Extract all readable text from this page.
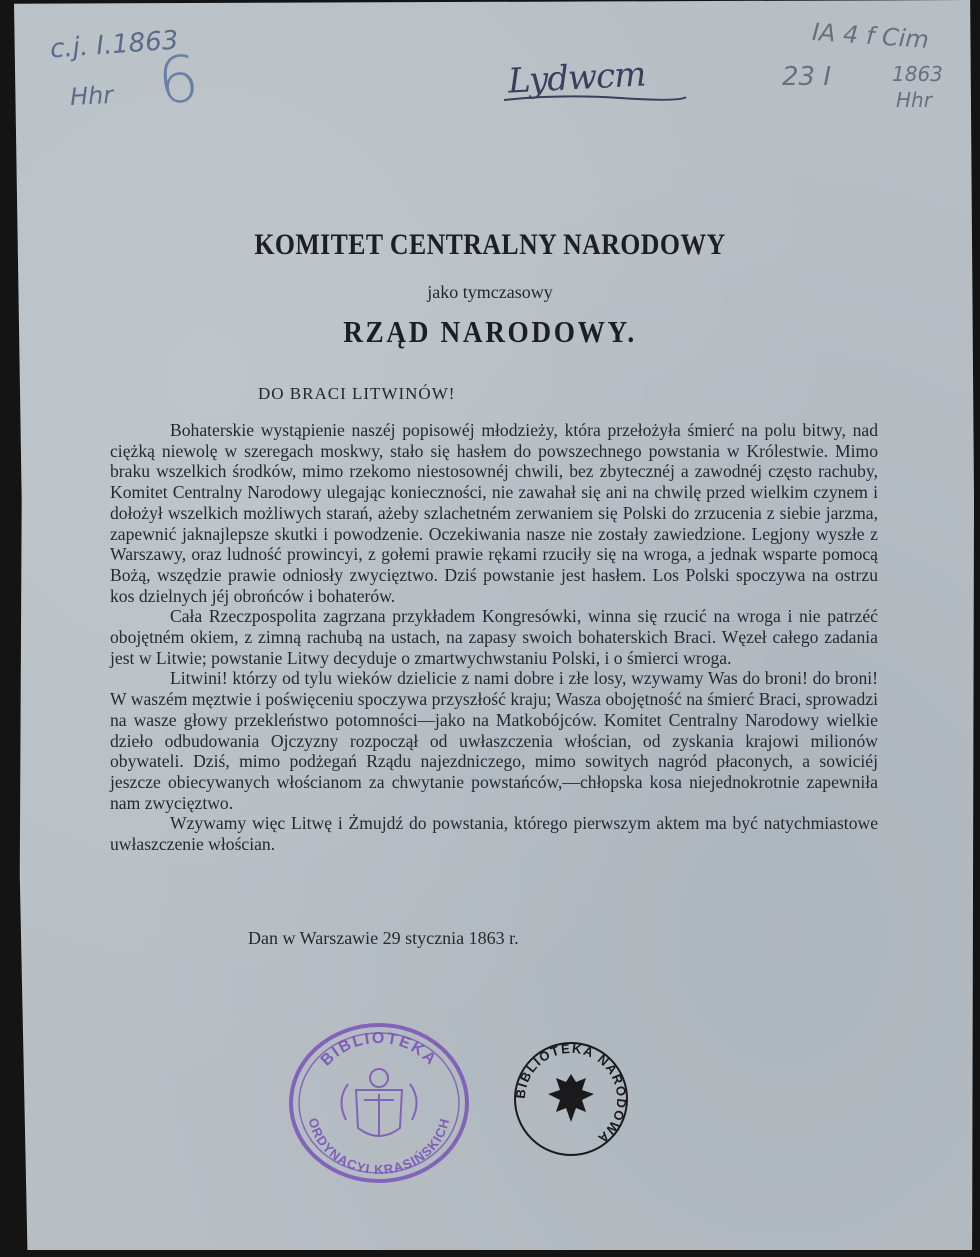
c.j. I.1863
Hhr 6	Lydwcm
IA 4 f Cim
23 I	1863
Hhr
KOMITET CENTRALNY NARODOWY
jako tymczasowy
RZĄD NARODOWY.
DO BRACI LITWINÓW!

Bohaterskie wystąpienie naszéj popisowéj młodzieży, która przełożyła śmierć na polu bitwy, nad ciężką niewolę w szeregach moskwy, stało się hasłem do powszechnego powstania w Królestwie. Mimo braku wszelkich środków, mimo rzekomo niestosownéj chwili, bez zbytecznéj a zawodnéj często rachuby, Komitet Centralny Narodowy ulegając konieczności, nie zawahał się ani na chwilę przed wielkim czynem i dołożył wszelkich możliwych starań, ażeby szlachetném zerwaniem się Polski do zrzucenia z siebie jarzma, zapewnić jaknajlepsze skutki i powodzenie. Oczekiwania nasze nie zostały zawiedzione. Legjony wyszłe z Warszawy, oraz ludność prowincyi, z gołemi prawie rękami rzuciły się na wroga, a jednak wsparte pomocą Bożą, wszędzie prawie odniosły zwycięztwo. Dziś powstanie jest hasłem. Los Polski spoczywa na ostrzu kos dzielnych jéj obrońców i bohaterów.

Cała Rzeczpospolita zagrzana przykładem Kongresówki, winna się rzucić na wroga i nie patrzéć obojętném okiem, z zimną rachubą na ustach, na zapasy swoich bohaterskich Braci. Węzeł całego zadania jest w Litwie; powstanie Litwy decyduje o zmartwychwstaniu Polski, i o śmierci wroga.

Litwini! którzy od tylu wieków dzielicie z nami dobre i złe losy, wzywamy Was do broni! do broni! W waszém męztwie i poświęceniu spoczywa przyszłość kraju; Wasza obojętność na śmierć Braci, sprowadzi na wasze głowy przekleństwo potomności—jako na Matkobójców. Komitet Centralny Narodowy wielkie dzieło odbudowania Ojczyzny rozpoczął od uwłaszczenia włościan, od zyskania krajowi milionów obywateli. Dziś, mimo podżegań Rządu najezdniczego, mimo sowitych nagród płaconych, a sowiciéj jeszcze obiecywanych włościanom za chwytanie powstańców,—chłopska kosa niejednokrotnie zapewniła nam zwycięztwo.

Wzywamy więc Litwę i Żmujdź do powstania, którego pierwszym aktem ma być natychmiastowe uwłaszczenie włościan.

Dan w Warszawie 29 stycznia 1863 r.
BIBLIOTEKA
ORDYNACYI KRASIŃSKICH
BIBLIOTEKA NARODOWA
